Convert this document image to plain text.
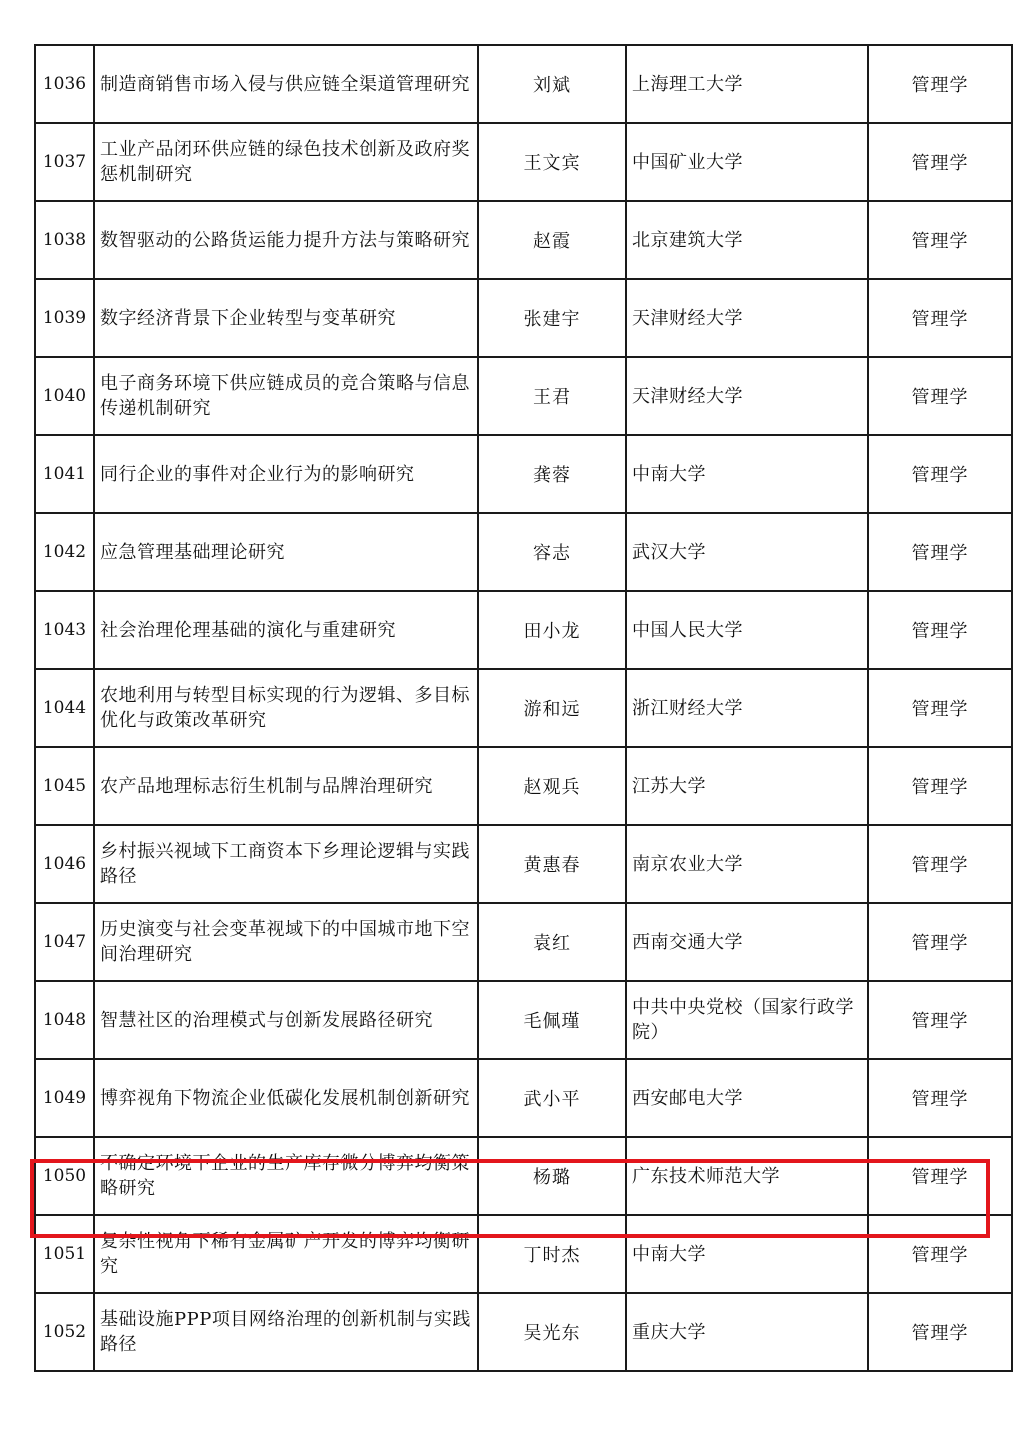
1036	制造商销售市场入侵与供应链全渠道管理研究	刘斌	上海理工大学	管理学
1037	工业产品闭环供应链的绿色技术创新及政府奖惩机制研究	王文宾	中国矿业大学	管理学
1038	数智驱动的公路货运能力提升方法与策略研究	赵霞	北京建筑大学	管理学
1039	数字经济背景下企业转型与变革研究	张建宇	天津财经大学	管理学
1040	电子商务环境下供应链成员的竞合策略与信息传递机制研究	王君	天津财经大学	管理学
1041	同行企业的事件对企业行为的影响研究	龚蓉	中南大学	管理学
1042	应急管理基础理论研究	容志	武汉大学	管理学
1043	社会治理伦理基础的演化与重建研究	田小龙	中国人民大学	管理学
1044	农地利用与转型目标实现的行为逻辑、多目标优化与政策改革研究	游和远	浙江财经大学	管理学
1045	农产品地理标志衍生机制与品牌治理研究	赵观兵	江苏大学	管理学
1046	乡村振兴视域下工商资本下乡理论逻辑与实践路径	黄惠春	南京农业大学	管理学
1047	历史演变与社会变革视域下的中国城市地下空间治理研究	袁红	西南交通大学	管理学
1048	智慧社区的治理模式与创新发展路径研究	毛佩瑾	中共中央党校（国家行政学院）	管理学
1049	博弈视角下物流企业低碳化发展机制创新研究	武小平	西安邮电大学	管理学
1050	不确定环境下企业的生产库存微分博弈均衡策略研究	杨璐	广东技术师范大学	管理学
1051	复杂性视角下稀有金属矿产开发的博弈均衡研究	丁时杰	中南大学	管理学
1052	基础设施PPP项目网络治理的创新机制与实践路径	吴光东	重庆大学	管理学
